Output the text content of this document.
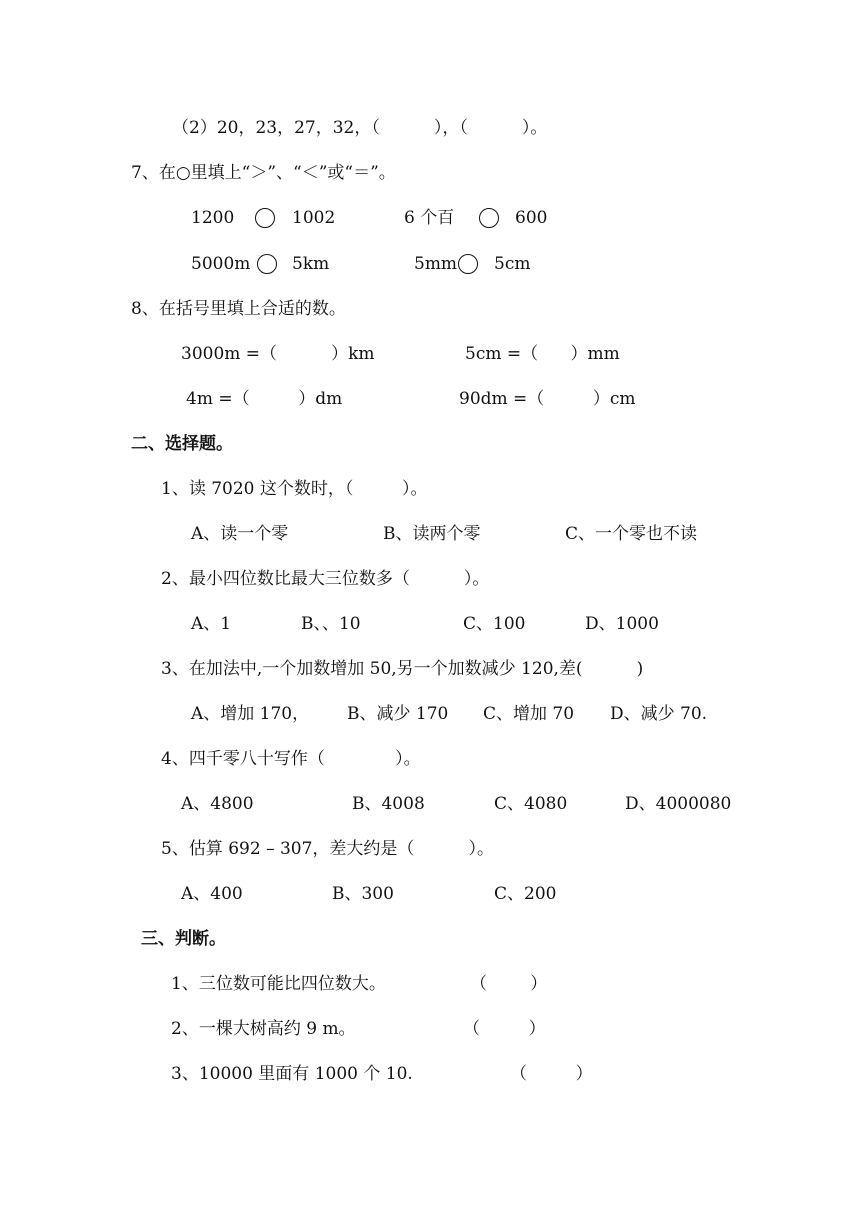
（2）20，23，27，32，（          ），（          ）。
7、在○里填上“＞”、“＜”或“＝”。
1200	1002	6 个百	600
5000m 5km	5mm 5cm
8、在括号里填上合适的数。
3000m =（          ）km	5cm =（      ）mm
4m =（         ）dm	90dm =（         ）cm
二、选择题。
1、读 7020 这个数时，（         ）。
A、读一个零	B、读两个零	C、一个零也不读
2、最小四位数比最大三位数多（          ）。
A、1	B、、10	C、100	D、1000
3、在加法中,一个加数增加 50,另一个加数减少 120,差(          )
A、增加 170， B、减少 170 C、增加 70 D、减少 70.
4、四千零八十写作（             ）。
A、4800	B、4008	C、4080	D、4000080
5、估算 692 – 307，差大约是（          ）。
A、400	B、300	C、200
三、判断。
1、三位数可能比四位数大。	（        ）
2、一棵大树高约 9 m。	（         ）
3、10000 里面有 1000 个 10.	（         ）
